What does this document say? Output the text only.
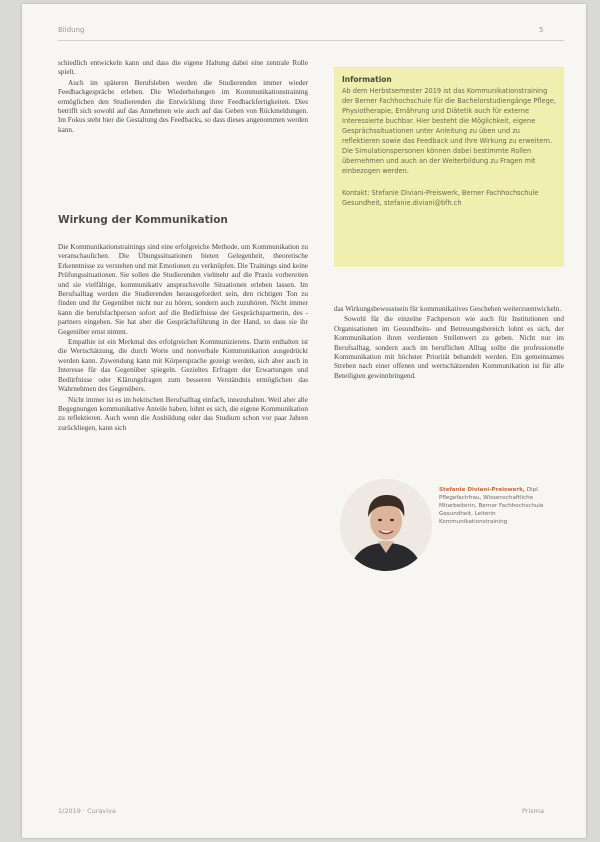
Bildung	5

schiedlich entwickeln kann und dass die eigene Haltung dabei eine zentrale Rolle spielt.

Auch im späteren Berufsleben werden die Studierenden immer wieder Feedbackgespräche erleben. Die Wiederholungen im Kommunikationstraining ermöglichen den Studierenden die Entwicklung ihrer Feedbackfertigkeiten. Dies betrifft sich sowohl auf das Annehmen wie auch auf das Geben von Rückmeldungen. Im Fokus steht hier die Gestaltung des Feedbacks, so dass dieses angenommen werden kann.

Wirkung der Kommunikation

Die Kommunikationstrainings sind eine erfolgreiche Methode, um Kommunikation zu veranschaulichen. Die Übungssituationen bieten Gelegenheit, theoretische Erkenntnisse zu verstehen und mit Emotionen zu verknüpfen. Die Trainings sind keine Prüfungssituationen. Sie sollen die Studierenden vielmehr auf die Praxis vorbereiten und sie vielfältige, kommunikativ anspruchsvolle Situationen erleben lassen. Im Berufsalltag werden die Studierenden herausgefordert sein, den richtigen Ton zu finden und ihr Gegenüber nicht nur zu hören, sondern auch zuzuhören. Nicht immer kann die berufsfachperson sofort auf die Bedürfnisse der Gesprächspartnerin, des -partners eingehen. Sie hat aber die Gesprächsführung in der Hand, so dass sie ihr Gegenüber ernst nimmt.

Empathie ist ein Merkmal des erfolgreichen Kommunizierens. Darin enthalten ist die Wertschätzung, die durch Worte und nonverbale Kommunikation ausgedrückt werden kann. Zuwendung kann mit Körpersprache gezeigt werden, sich aber auch in Interesse für das Gegenüber spiegeln. Gezieltes Erfragen der Erwartungen und Bedürfnisse oder Klärungsfragen zum besseren Verständnis ermöglichen das Wahrnehmen des Gegenübers.

Nicht immer ist es im hektischen Berufsalltag einfach, innezuhalten. Weil aber alle Begegnungen kommunikative Anteile haben, lohnt es sich, die eigene Kommunikation zu reflektieren. Auch wenn die Ausbildung oder das Studium schon vor paar Jahren zurückliegen, kann sich

Information
Ab dem Herbstsemester 2019 ist das Kommunikationstraining der Berner Fachhochschule für die Bachelorstudiengänge Pflege, Physiotherapie, Ernährung und Diätetik auch für externe Interessierte buchbar. Hier besteht die Möglichkeit, eigene Gesprächssituationen unter Anleitung zu üben und zu reflektieren sowie das Feedback und Ihre Wirkung zu erweitern. Die Simulationspersonen können dabei bestimmte Rollen übernehmen und auch an der Weiterbildung zu Fragen mit einbezogen werden.
Kontakt: Stefanie Diviani-Preiswerk, Berner Fachhochschule Gesundheit, stefanie.diviani@bfh.ch

das Wirkungsbewusstsein für kommunikatives Geschehen weiterzuentwickeln.

Sowohl für die einzelne Fachperson wie auch für Institutionen und Organisationen im Gesundheits- und Betreuungsbereich lohnt es sich, der Kommunikation ihren verdienten Stellenwert zu geben. Nicht nur im Berufsalltag, sondern auch im beruflichen Alltag sollte die professionelle Kommunikation mit höchster Priorität behandelt werden. Ein gemeinsames Streben nach einer offenen und wertschätzenden Kommunikation ist für alle Beteiligten gewinnbringend.

Stefanie Diviani-Preiswerk, Dipl. Pflegefachfrau, Wissenschaftliche Mitarbeiterin, Berner Fachhochschule Gesundheit, Leiterin Kommunikationstraining
1/2019 · Curaviva	Prisma
